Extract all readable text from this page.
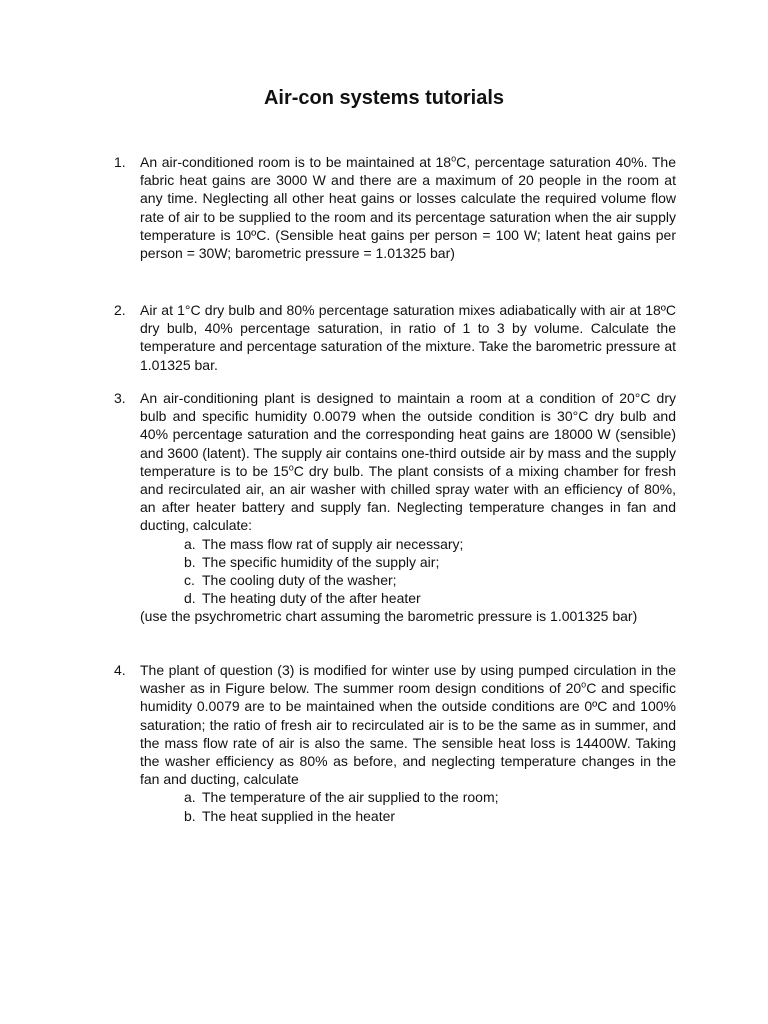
Air-con systems tutorials
1.	An air-conditioned room is to be maintained at 18$^o$C, percentage saturation 40%. The fabric heat gains are 3000 W and there are a maximum of 20 people in the room at any time. Neglecting all other heat gains or losses calculate the required volume flow rate of air to be supplied to the room and its percentage saturation when the air supply temperature is 10ºC. (Sensible heat gains per person = 100 W; latent heat gains per person = 30W; barometric pressure = 1.01325 bar)
2.	Air at 1°C dry bulb and 80% percentage saturation mixes adiabatically with air at 18ºC dry bulb, 40% percentage saturation, in ratio of 1 to 3 by volume. Calculate the temperature and percentage saturation of the mixture. Take the barometric pressure at 1.01325 bar.
3.	An air-conditioning plant is designed to maintain a room at a condition of 20°C dry bulb and specific humidity 0.0079 when the outside condition is 30°C dry bulb and 40% percentage saturation and the corresponding heat gains are 18000 W (sensible) and 3600 (latent). The supply air contains one-third outside air by mass and the supply temperature is to be 15$^o$C dry bulb. The plant consists of a mixing chamber for fresh and recirculated air, an air washer with chilled spray water with an efficiency of 80%, an after heater battery and supply fan. Neglecting temperature changes in fan and ducting, calculate:
a. The mass flow rat of supply air necessary;
b. The specific humidity of the supply air;
c. The cooling duty of the washer;
d. The heating duty of the after heater
(use the psychrometric chart assuming the barometric pressure is 1.001325 bar)
4.	The plant of question (3) is modified for winter use by using pumped circulation in the washer as in Figure below. The summer room design conditions of 20$^o$C and specific humidity 0.0079 are to be maintained when the outside conditions are 0ºC and 100% saturation; the ratio of fresh air to recirculated air is to be the same as in summer, and the mass flow rate of air is also the same. The sensible heat loss is 14400W. Taking the washer efficiency as 80% as before, and neglecting temperature changes in the fan and ducting, calculate
a. The temperature of the air supplied to the room;
b. The heat supplied in the heater
